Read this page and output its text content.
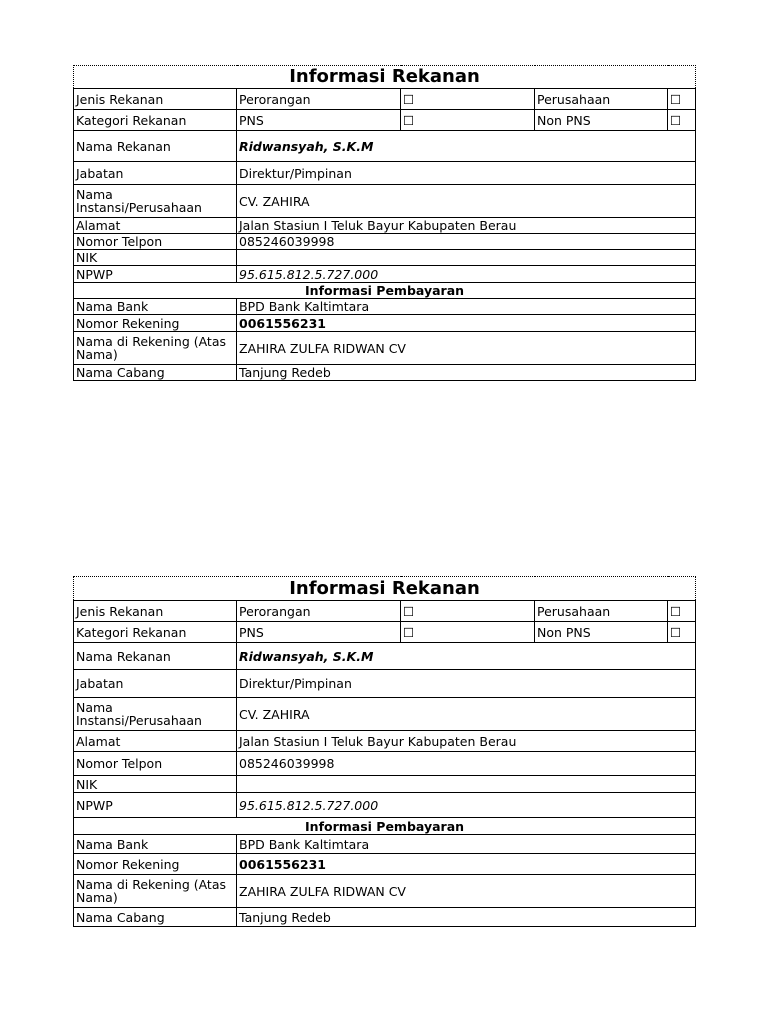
Informasi Rekanan				
Jenis Rekanan	Perorangan	☐	Perusahaan	☐
Kategori Rekanan	PNS	☐	Non PNS	☐
Nama Rekanan	Ridwansyah, S.K.M			
Jabatan	Direktur/Pimpinan			
Nama Instansi/Perusahaan	CV. ZAHIRA			
Alamat	Jalan Stasiun I Teluk Bayur Kabupaten Berau			
Nomor Telpon	085246039998			
NIK				
NPWP	95.615.812.5.727.000			
Informasi Pembayaran				
Nama Bank	BPD Bank Kaltimtara			
Nomor Rekening	0061556231			
Nama di Rekening (Atas Nama)	ZAHIRA ZULFA RIDWAN CV			
Nama Cabang	Tanjung Redeb			
Informasi Rekanan				
Jenis Rekanan	Perorangan	☐	Perusahaan	☐
Kategori Rekanan	PNS	☐	Non PNS	☐
Nama Rekanan	Ridwansyah, S.K.M			
Jabatan	Direktur/Pimpinan			
Nama Instansi/Perusahaan	CV. ZAHIRA			
Alamat	Jalan Stasiun I Teluk Bayur Kabupaten Berau			
Nomor Telpon	085246039998			
NIK				
NPWP	95.615.812.5.727.000			
Informasi Pembayaran				
Nama Bank	BPD Bank Kaltimtara			
Nomor Rekening	0061556231			
Nama di Rekening (Atas Nama)	ZAHIRA ZULFA RIDWAN CV			
Nama Cabang	Tanjung Redeb			
